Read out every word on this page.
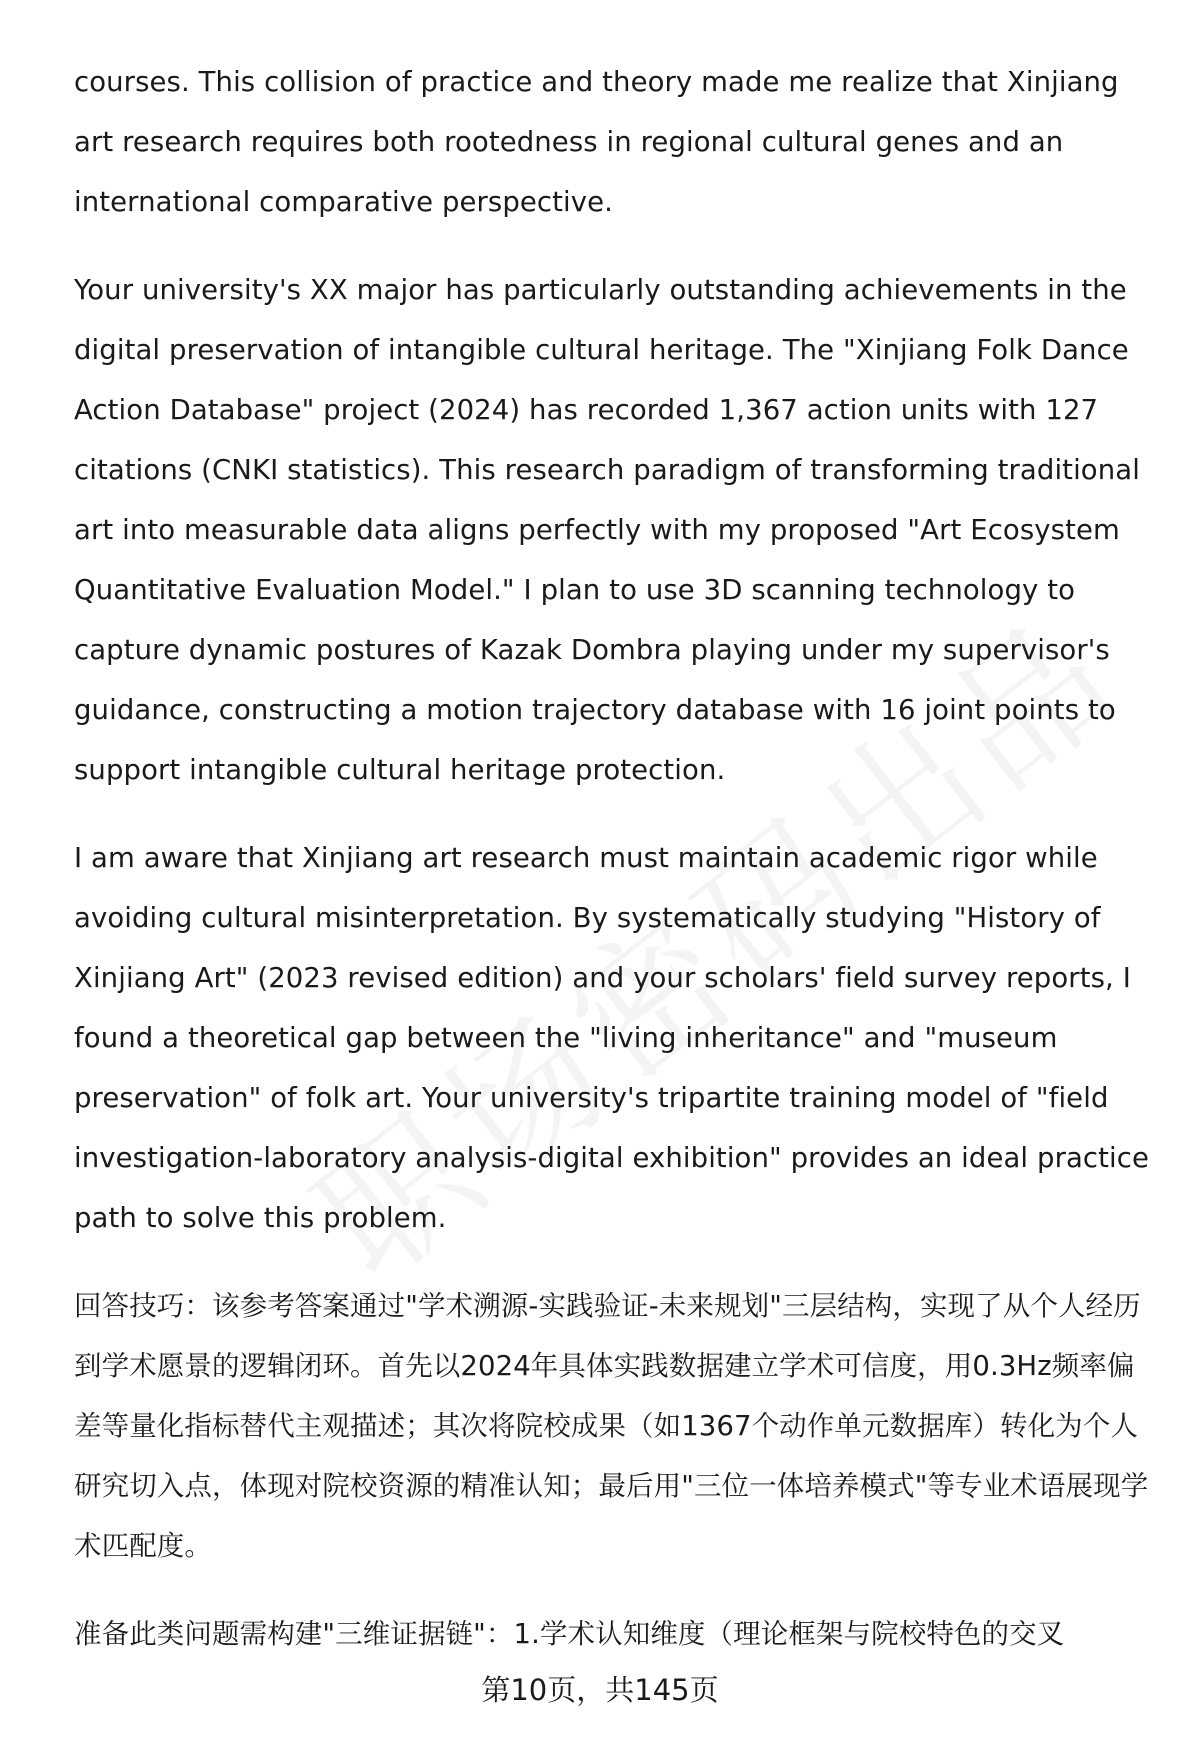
courses. This collision of practice and theory made me realize that Xinjiang art research requires both rootedness in regional cultural genes and an international comparative perspective.

Your university's XX major has particularly outstanding achievements in the digital preservation of intangible cultural heritage. The "Xinjiang Folk Dance Action Database" project (2024) has recorded 1,367 action units with 127 citations (CNKI statistics). This research paradigm of transforming traditional art into measurable data aligns perfectly with my proposed "Art Ecosystem Quantitative Evaluation Model." I plan to use 3D scanning technology to capture dynamic postures of Kazak Dombra playing under my supervisor's guidance, constructing a motion trajectory database with 16 joint points to support intangible cultural heritage protection.

I am aware that Xinjiang art research must maintain academic rigor while avoiding cultural misinterpretation. By systematically studying "History of Xinjiang Art" (2023 revised edition) and your scholars' field survey reports, I found a theoretical gap between the "living inheritance" and "museum preservation" of folk art. Your university's tripartite training model of "field investigation-laboratory analysis-digital exhibition" provides an ideal practice path to solve this problem.

回答技巧：该参考答案通过"学术溯源-实践验证-未来规划"三层结构，实现了从个人经历到学术愿景的逻辑闭环。首先以2024年具体实践数据建立学术可信度，用0.3Hz频率偏差等量化指标替代主观描述；其次将院校成果（如1367个动作单元数据库）转化为个人研究切入点，体现对院校资源的精准认知；最后用"三位一体培养模式"等专业术语展现学术匹配度。

准备此类问题需构建"三维证据链"：1.学术认知维度（理论框架与院校特色的交叉

第10页，共145页
